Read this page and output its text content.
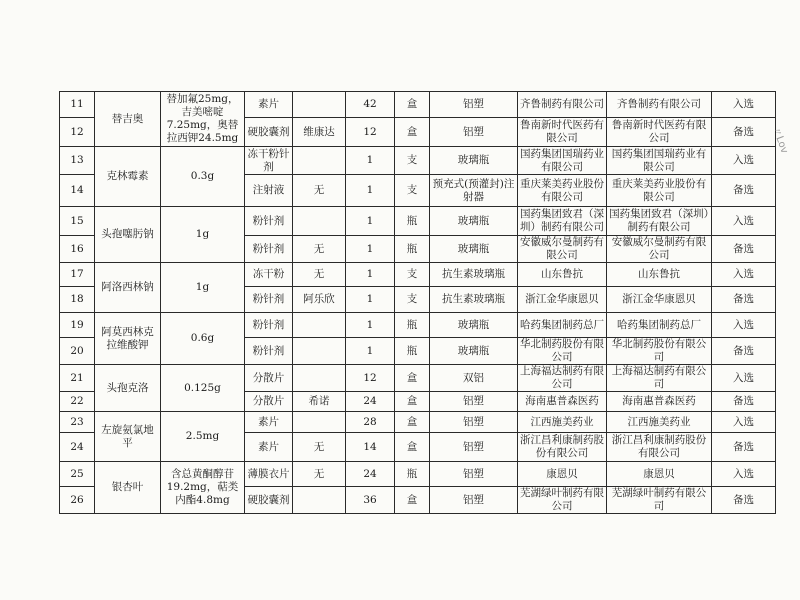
11	替吉奥	替加氟25mg，吉美嘧啶7.25mg，奥替拉西钾24.5mg	素片		42	盒	铝塑	齐鲁制药有限公司	齐鲁制药有限公司	入选
12			硬胶囊剂	维康达	12	盒	铝塑	鲁南新时代医药有限公司	鲁南新时代医药有限公司	备选
13	克林霉素	0.3g	冻干粉针剂		1	支	玻璃瓶	国药集团国瑞药业有限公司	国药集团国瑞药业有限公司	入选
14			注射液	无	1	支	预充式(预灌封)注射器	重庆莱美药业股份有限公司	重庆莱美药业股份有限公司	备选
15	头孢噻肟钠	1g	粉针剂		1	瓶	玻璃瓶	国药集团致君（深圳）制药有限公司	国药集团致君（深圳）制药有限公司	入选
16			粉针剂	无	1	瓶	玻璃瓶	安徽威尔曼制药有限公司	安徽威尔曼制药有限公司	备选
17	阿洛西林钠	1g	冻干粉	无	1	支	抗生素玻璃瓶	山东鲁抗	山东鲁抗	入选
18			粉针剂	阿乐欣	1	支	抗生素玻璃瓶	浙江金华康恩贝	浙江金华康恩贝	备选
19	阿莫西林克拉维酸钾	0.6g	粉针剂		1	瓶	玻璃瓶	哈药集团制药总厂	哈药集团制药总厂	入选
20			粉针剂		1	瓶	玻璃瓶	华北制药股份有限公司	华北制药股份有限公司	备选
21	头孢克洛	0.125g	分散片		12	盒	双铝	上海福达制药有限公司	上海福达制药有限公司	入选
22			分散片	希诺	24	盒	铝塑	海南惠普森医药	海南惠普森医药	备选
23	左旋氨氯地平	2.5mg	素片		28	盒	铝塑	江西施美药业	江西施美药业	入选
24			素片	无	14	盒	铝塑	浙江昌利康制药股份有限公司	浙江昌利康制药股份有限公司	备选
25	银杏叶	含总黄酮醇苷19.2mg，萜类内酯4.8mg	薄膜衣片	无	24	瓶	铝塑	康恩贝	康恩贝	入选
26			硬胶囊剂		36	盒	铝塑	芜湖绿叶制药有限公司	芜湖绿叶制药有限公司	备选
〃Lov
